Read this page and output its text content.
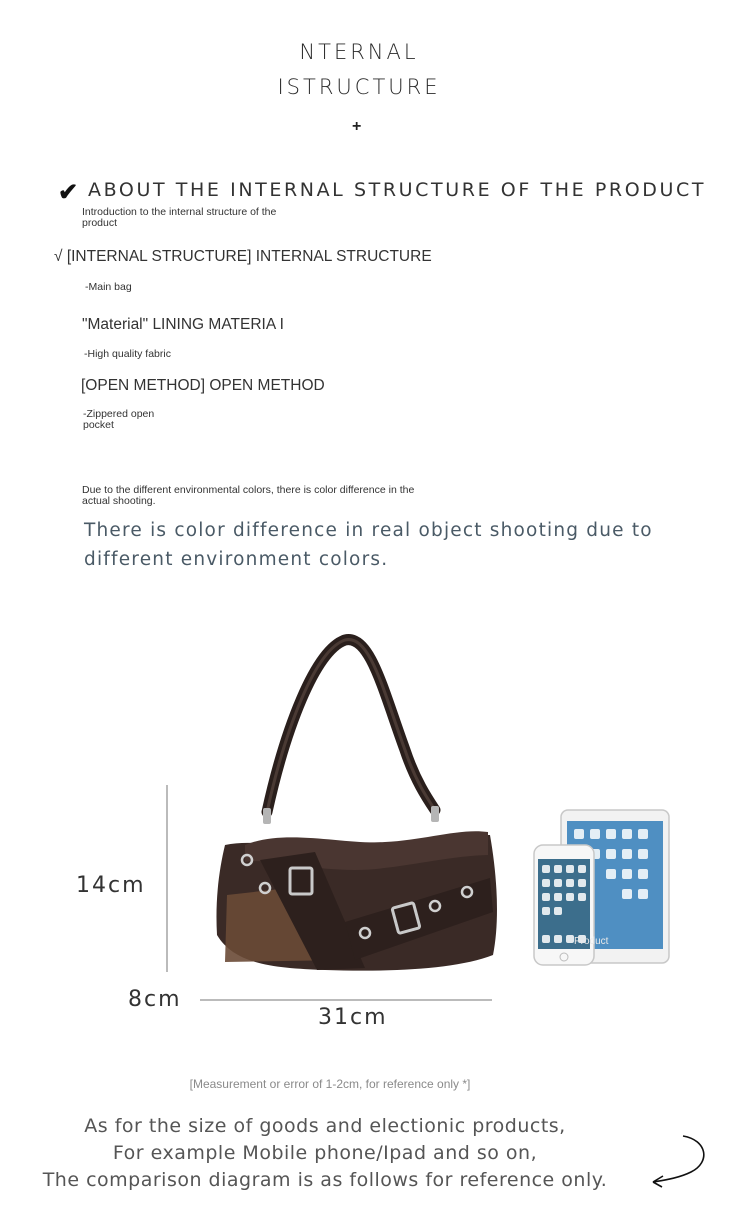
NTERNAL
ISTRUCTURE
+
✔ ABOUT THE INTERNAL STRUCTURE OF THE PRODUCT
Introduction to the internal structure of the product
√ [INTERNAL STRUCTURE] INTERNAL STRUCTURE
-Main bag
"Material" LINING MATERIA I
-High quality fabric
[OPEN METHOD] OPEN METHOD
-Zippered open pocket
Due to the different environmental colors, there is color difference in the actual shooting.
There is color difference in real object shooting due to different environment colors.
14cm
8cm
31cm
Product
[Measurement or error of 1-2cm, for reference only *]
As for the size of goods and electionic products,
For example Mobile phone/Ipad and so on,
The comparison diagram is as follows for reference only.
